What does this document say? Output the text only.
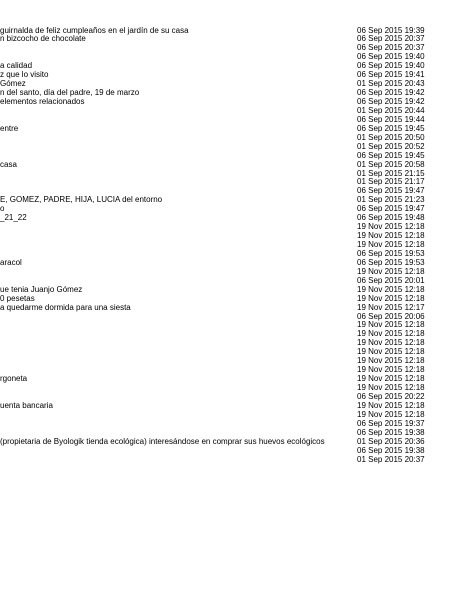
guirnalda de feliz cumpleaños en el jardín de su casa	06 Sep 2015 19:39
n bizcocho de chocolate	06 Sep 2015 20:37
06 Sep 2015 20:37
06 Sep 2015 19:40
a calidad	06 Sep 2015 19:40
z que lo visito	06 Sep 2015 19:41
Gómez	01 Sep 2015 20:43
n del santo, día del padre, 19 de marzo	06 Sep 2015 19:42
elementos relacionados	06 Sep 2015 19:42
01 Sep 2015 20:44
06 Sep 2015 19:44
entre	06 Sep 2015 19:45
01 Sep 2015 20:50
01 Sep 2015 20:52
06 Sep 2015 19:45
casa	01 Sep 2015 20:58
01 Sep 2015 21:15
01 Sep 2015 21:17
06 Sep 2015 19:47
E, GÓMEZ, PADRE, HIJA, LUCIA del entorno	01 Sep 2015 21:23
o	06 Sep 2015 19:47
_21_22	06 Sep 2015 19:48
19 Nov 2015 12:18
19 Nov 2015 12:18
19 Nov 2015 12:18
06 Sep 2015 19:53
aracol	06 Sep 2015 19:53
19 Nov 2015 12:18
06 Sep 2015 20:01
ue tenia Juanjo Gómez	19 Nov 2015 12:18
0 pesetas	19 Nov 2015 12:18
a quedarme dormida para una siesta	19 Nov 2015 12:17
06 Sep 2015 20:06
19 Nov 2015 12:18
19 Nov 2015 12:18
19 Nov 2015 12:18
19 Nov 2015 12:18
19 Nov 2015 12:18
19 Nov 2015 12:18
rgoneta	19 Nov 2015 12:18
19 Nov 2015 12:18
06 Sep 2015 20:22
uenta bancaria	19 Nov 2015 12:18
19 Nov 2015 12:18
06 Sep 2015 19:37
06 Sep 2015 19:38
(propietaria de Byologik tienda ecológica) interesándose en comprar sus huevos ecológicos	01 Sep 2015 20:36
06 Sep 2015 19:38
01 Sep 2015 20:37
